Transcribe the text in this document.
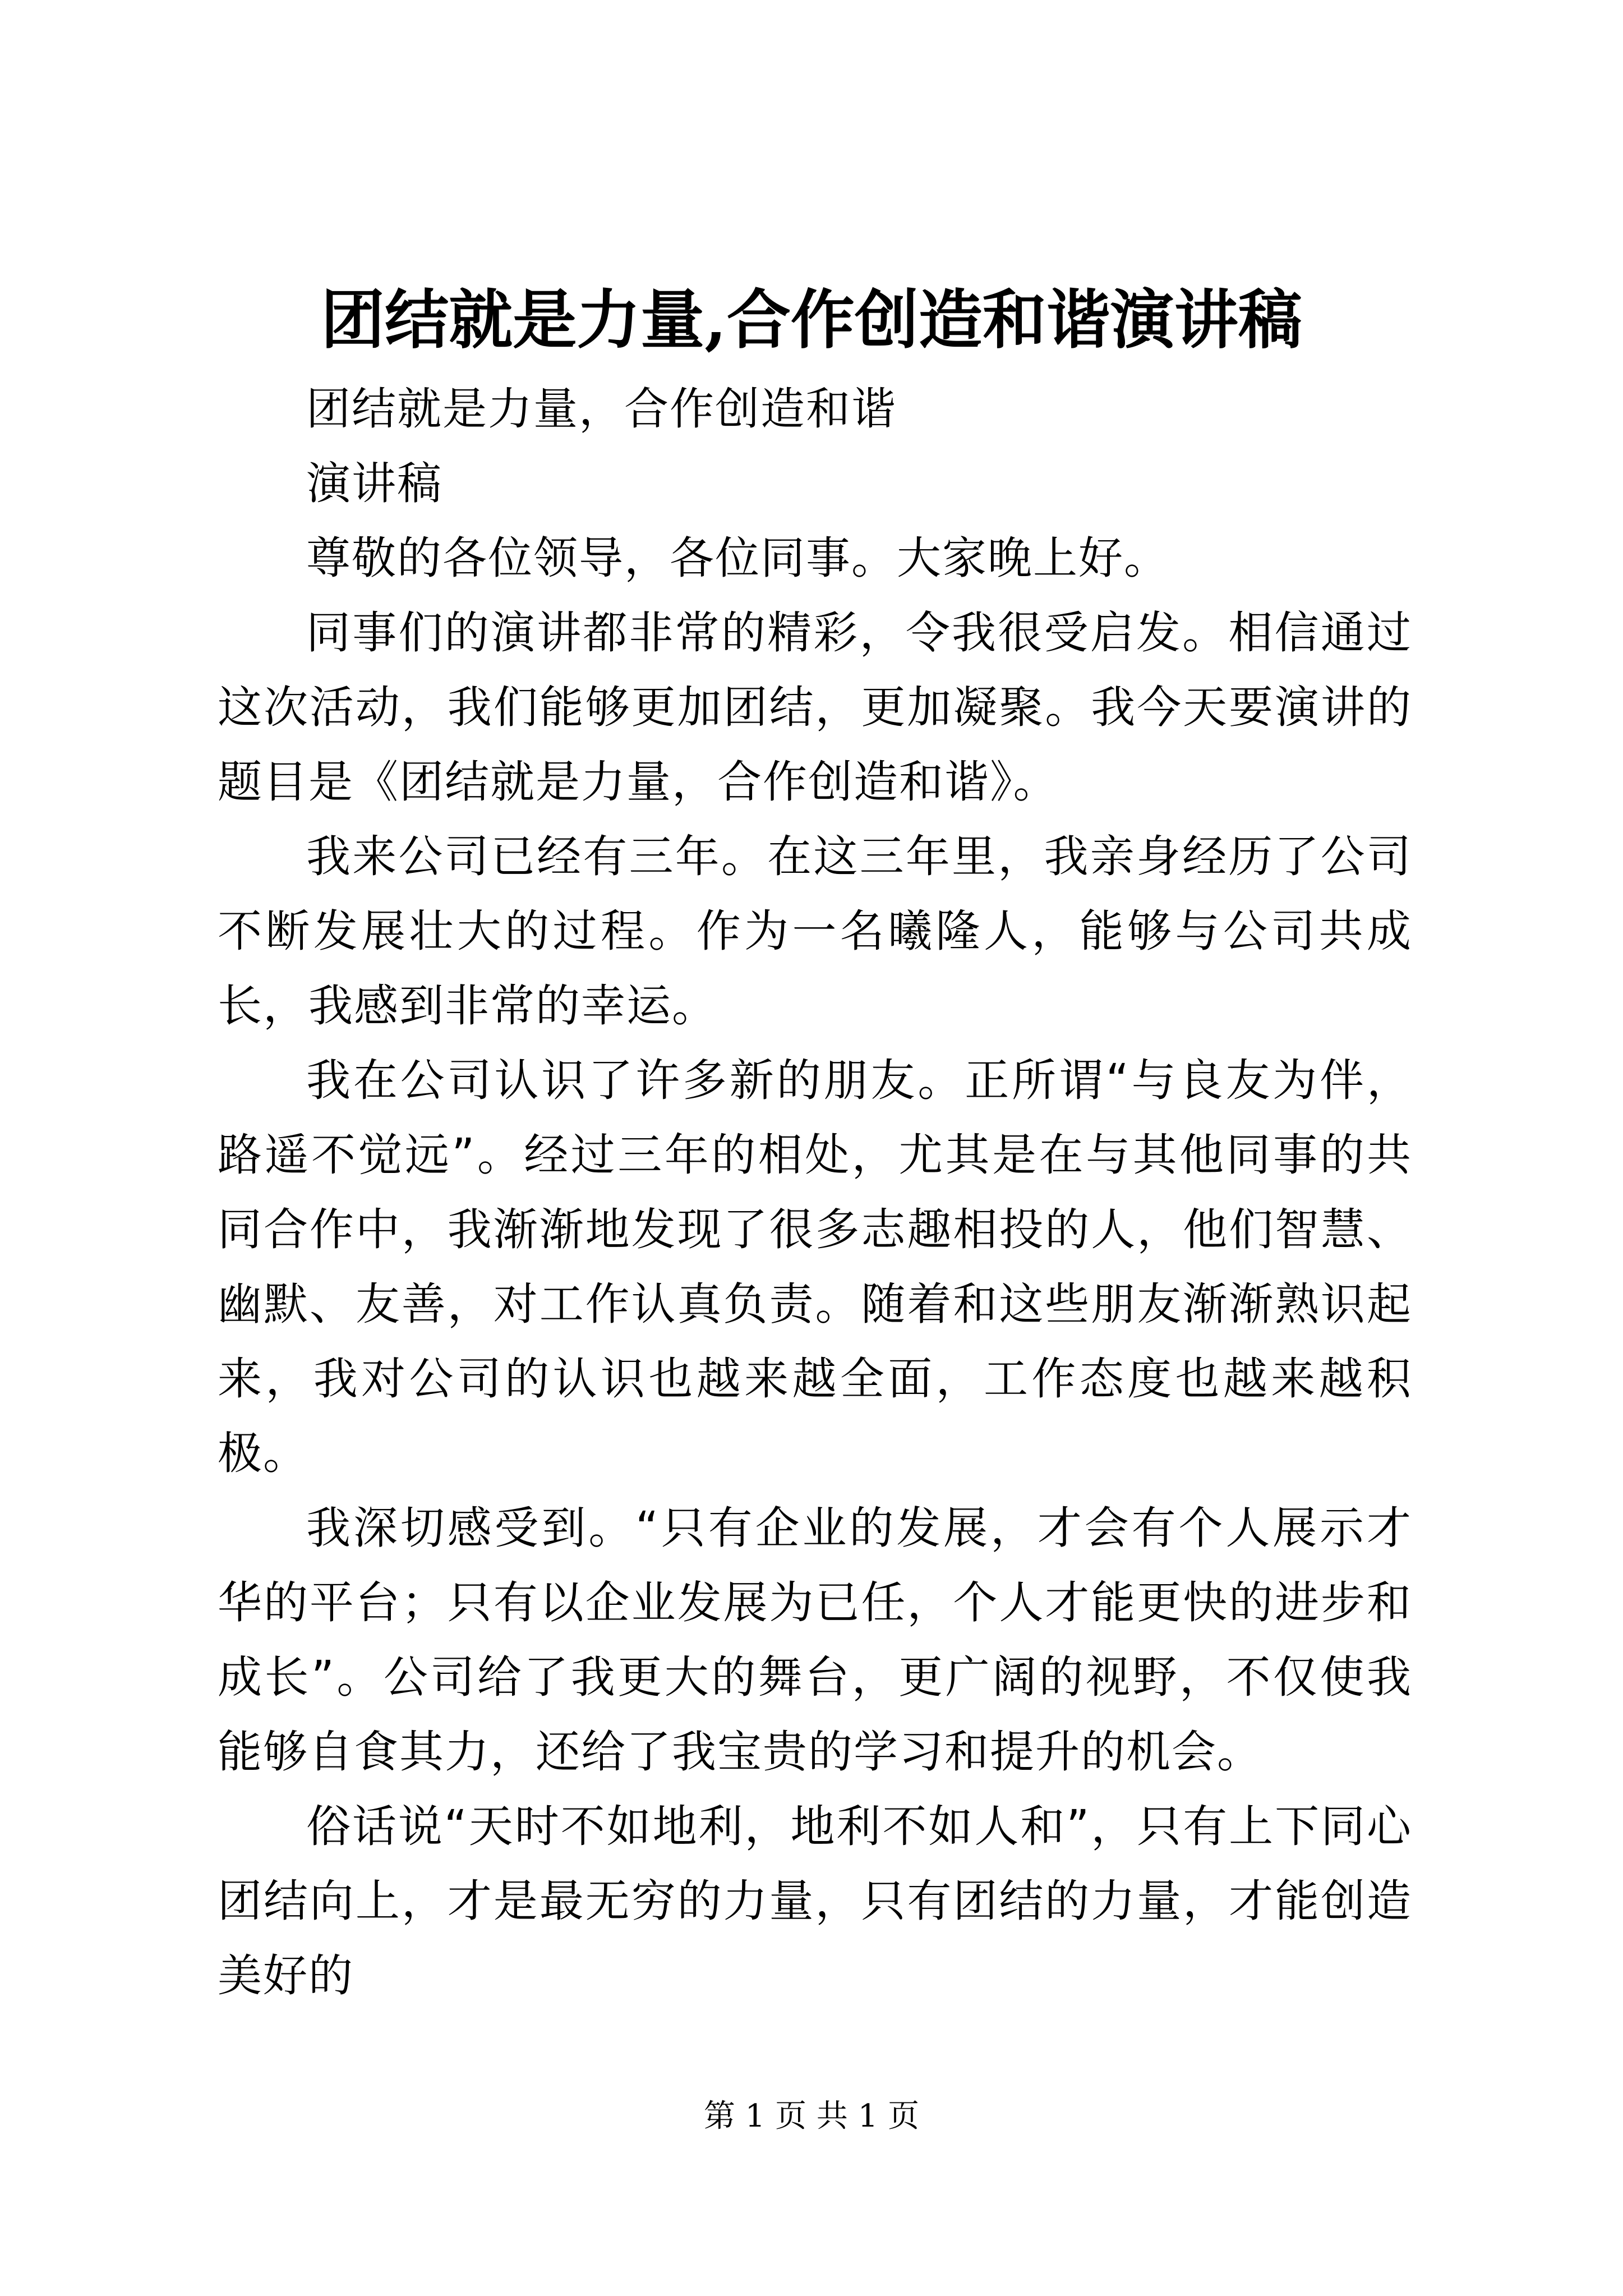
团结就是力量,合作创造和谐演讲稿

团结就是力量，合作创造和谐

演讲稿

尊敬的各位领导，各位同事。大家晚上好。

同事们的演讲都非常的精彩，令我很受启发。相信通过这次活动，我们能够更加团结，更加凝聚。我今天要演讲的题目是《团结就是力量，合作创造和谐》。

我来公司已经有三年。在这三年里，我亲身经历了公司不断发展壮大的过程。作为一名曦隆人，能够与公司共成长，我感到非常的幸运。

我在公司认识了许多新的朋友。正所谓“与良友为伴，路遥不觉远”。经过三年的相处，尤其是在与其他同事的共同合作中，我渐渐地发现了很多志趣相投的人，他们智慧、幽默、友善，对工作认真负责。随着和这些朋友渐渐熟识起来，我对公司的认识也越来越全面，工作态度也越来越积极。

我深切感受到。“只有企业的发展，才会有个人展示才华的平台；只有以企业发展为已任，个人才能更快的进步和成长”。公司给了我更大的舞台，更广阔的视野，不仅使我能够自食其力，还给了我宝贵的学习和提升的机会。

俗话说“天时不如地利，地利不如人和”，只有上下同心团结向上，才是最无穷的力量，只有团结的力量，才能创造美好的

第 1 页 共 1 页
